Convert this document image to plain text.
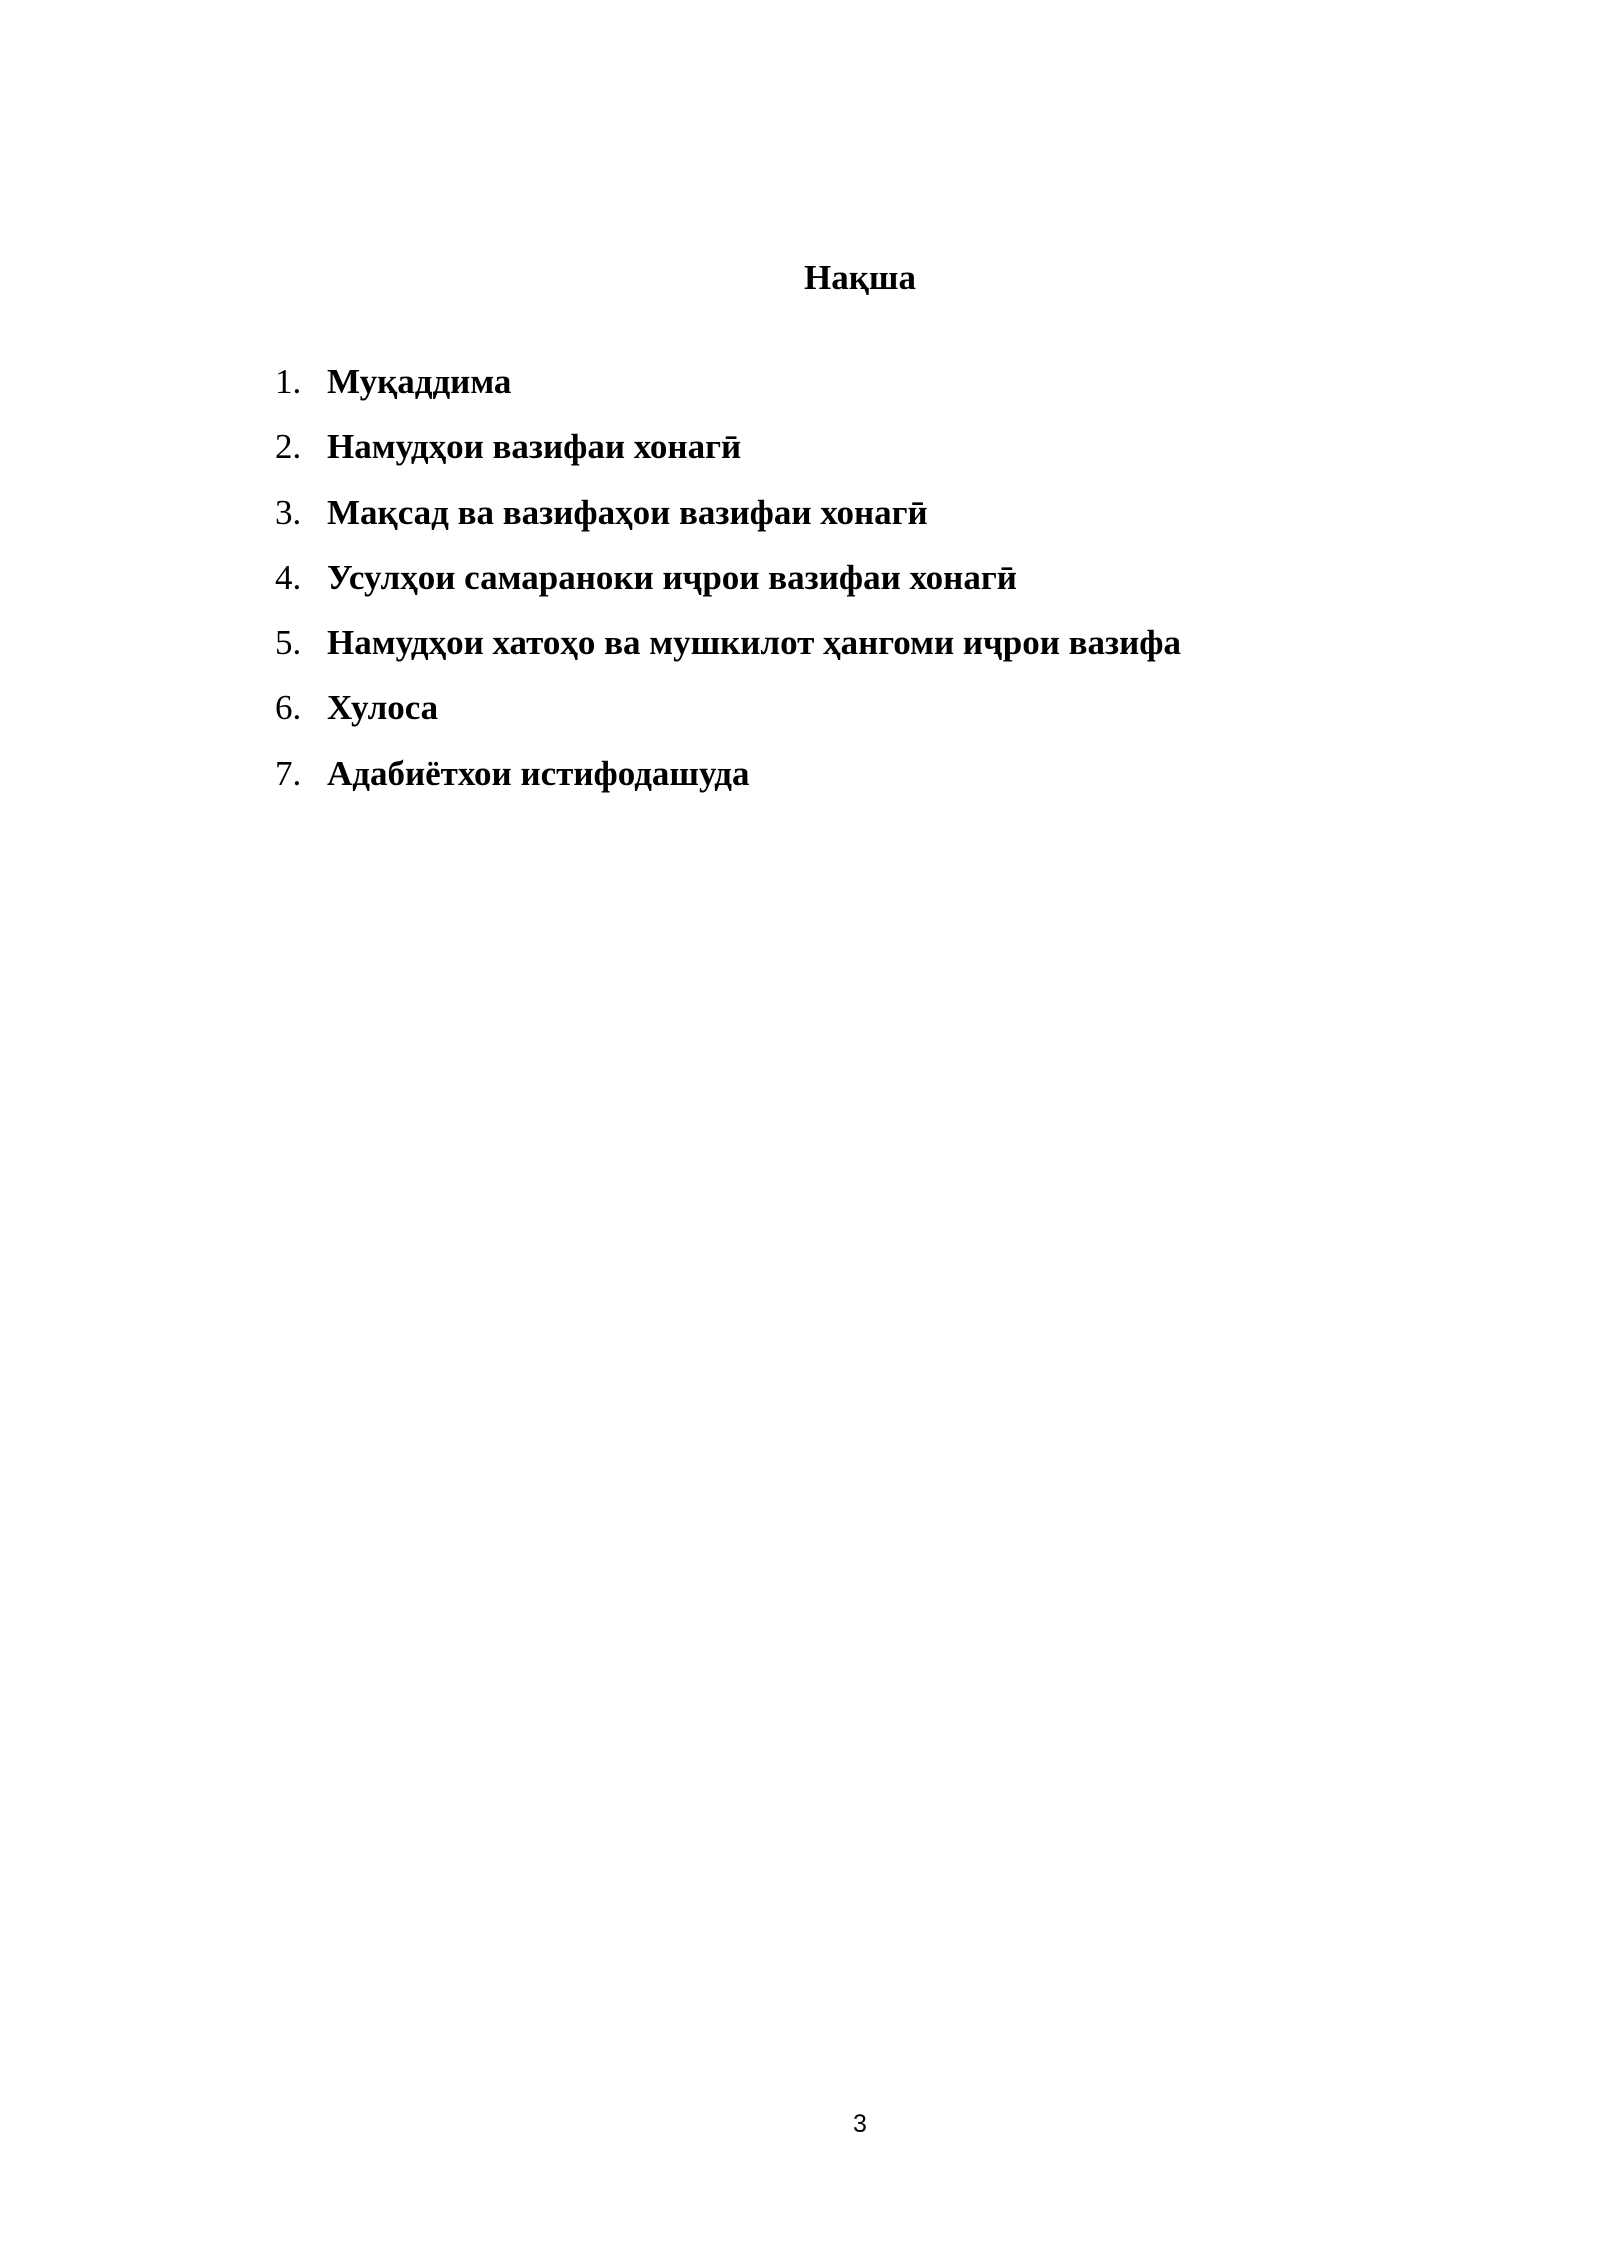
Нақша
1. Муқаддима
2. Намудҳои вазифаи хонагӣ
3. Мақсад ва вазифаҳои вазифаи хонагӣ
4. Усулҳои самараноки иҷрои вазифаи хонагӣ
5. Намудҳои хатоҳо ва мушкилот ҳангоми иҷрои вазифа
6. Хулоса
7. Адабиётхои истифодашуда
3
